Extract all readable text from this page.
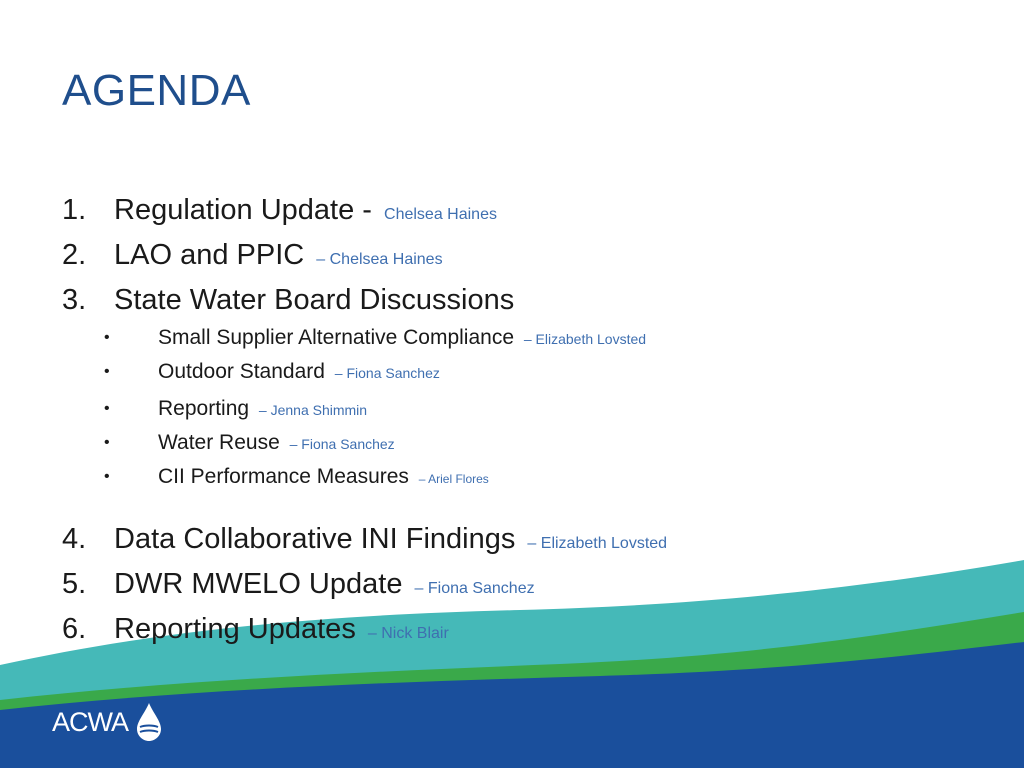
AGENDA
1. Regulation Update - Chelsea Haines
2. LAO and PPIC – Chelsea Haines
3. State Water Board Discussions
• Small Supplier Alternative Compliance – Elizabeth Lovsted
• Outdoor Standard – Fiona Sanchez
• Reporting – Jenna Shimmin
• Water Reuse – Fiona Sanchez
• CII Performance Measures – Ariel Flores
4. Data Collaborative INI Findings – Elizabeth Lovsted
5. DWR MWELO Update – Fiona Sanchez
6. Reporting Updates – Nick Blair
ACWA
